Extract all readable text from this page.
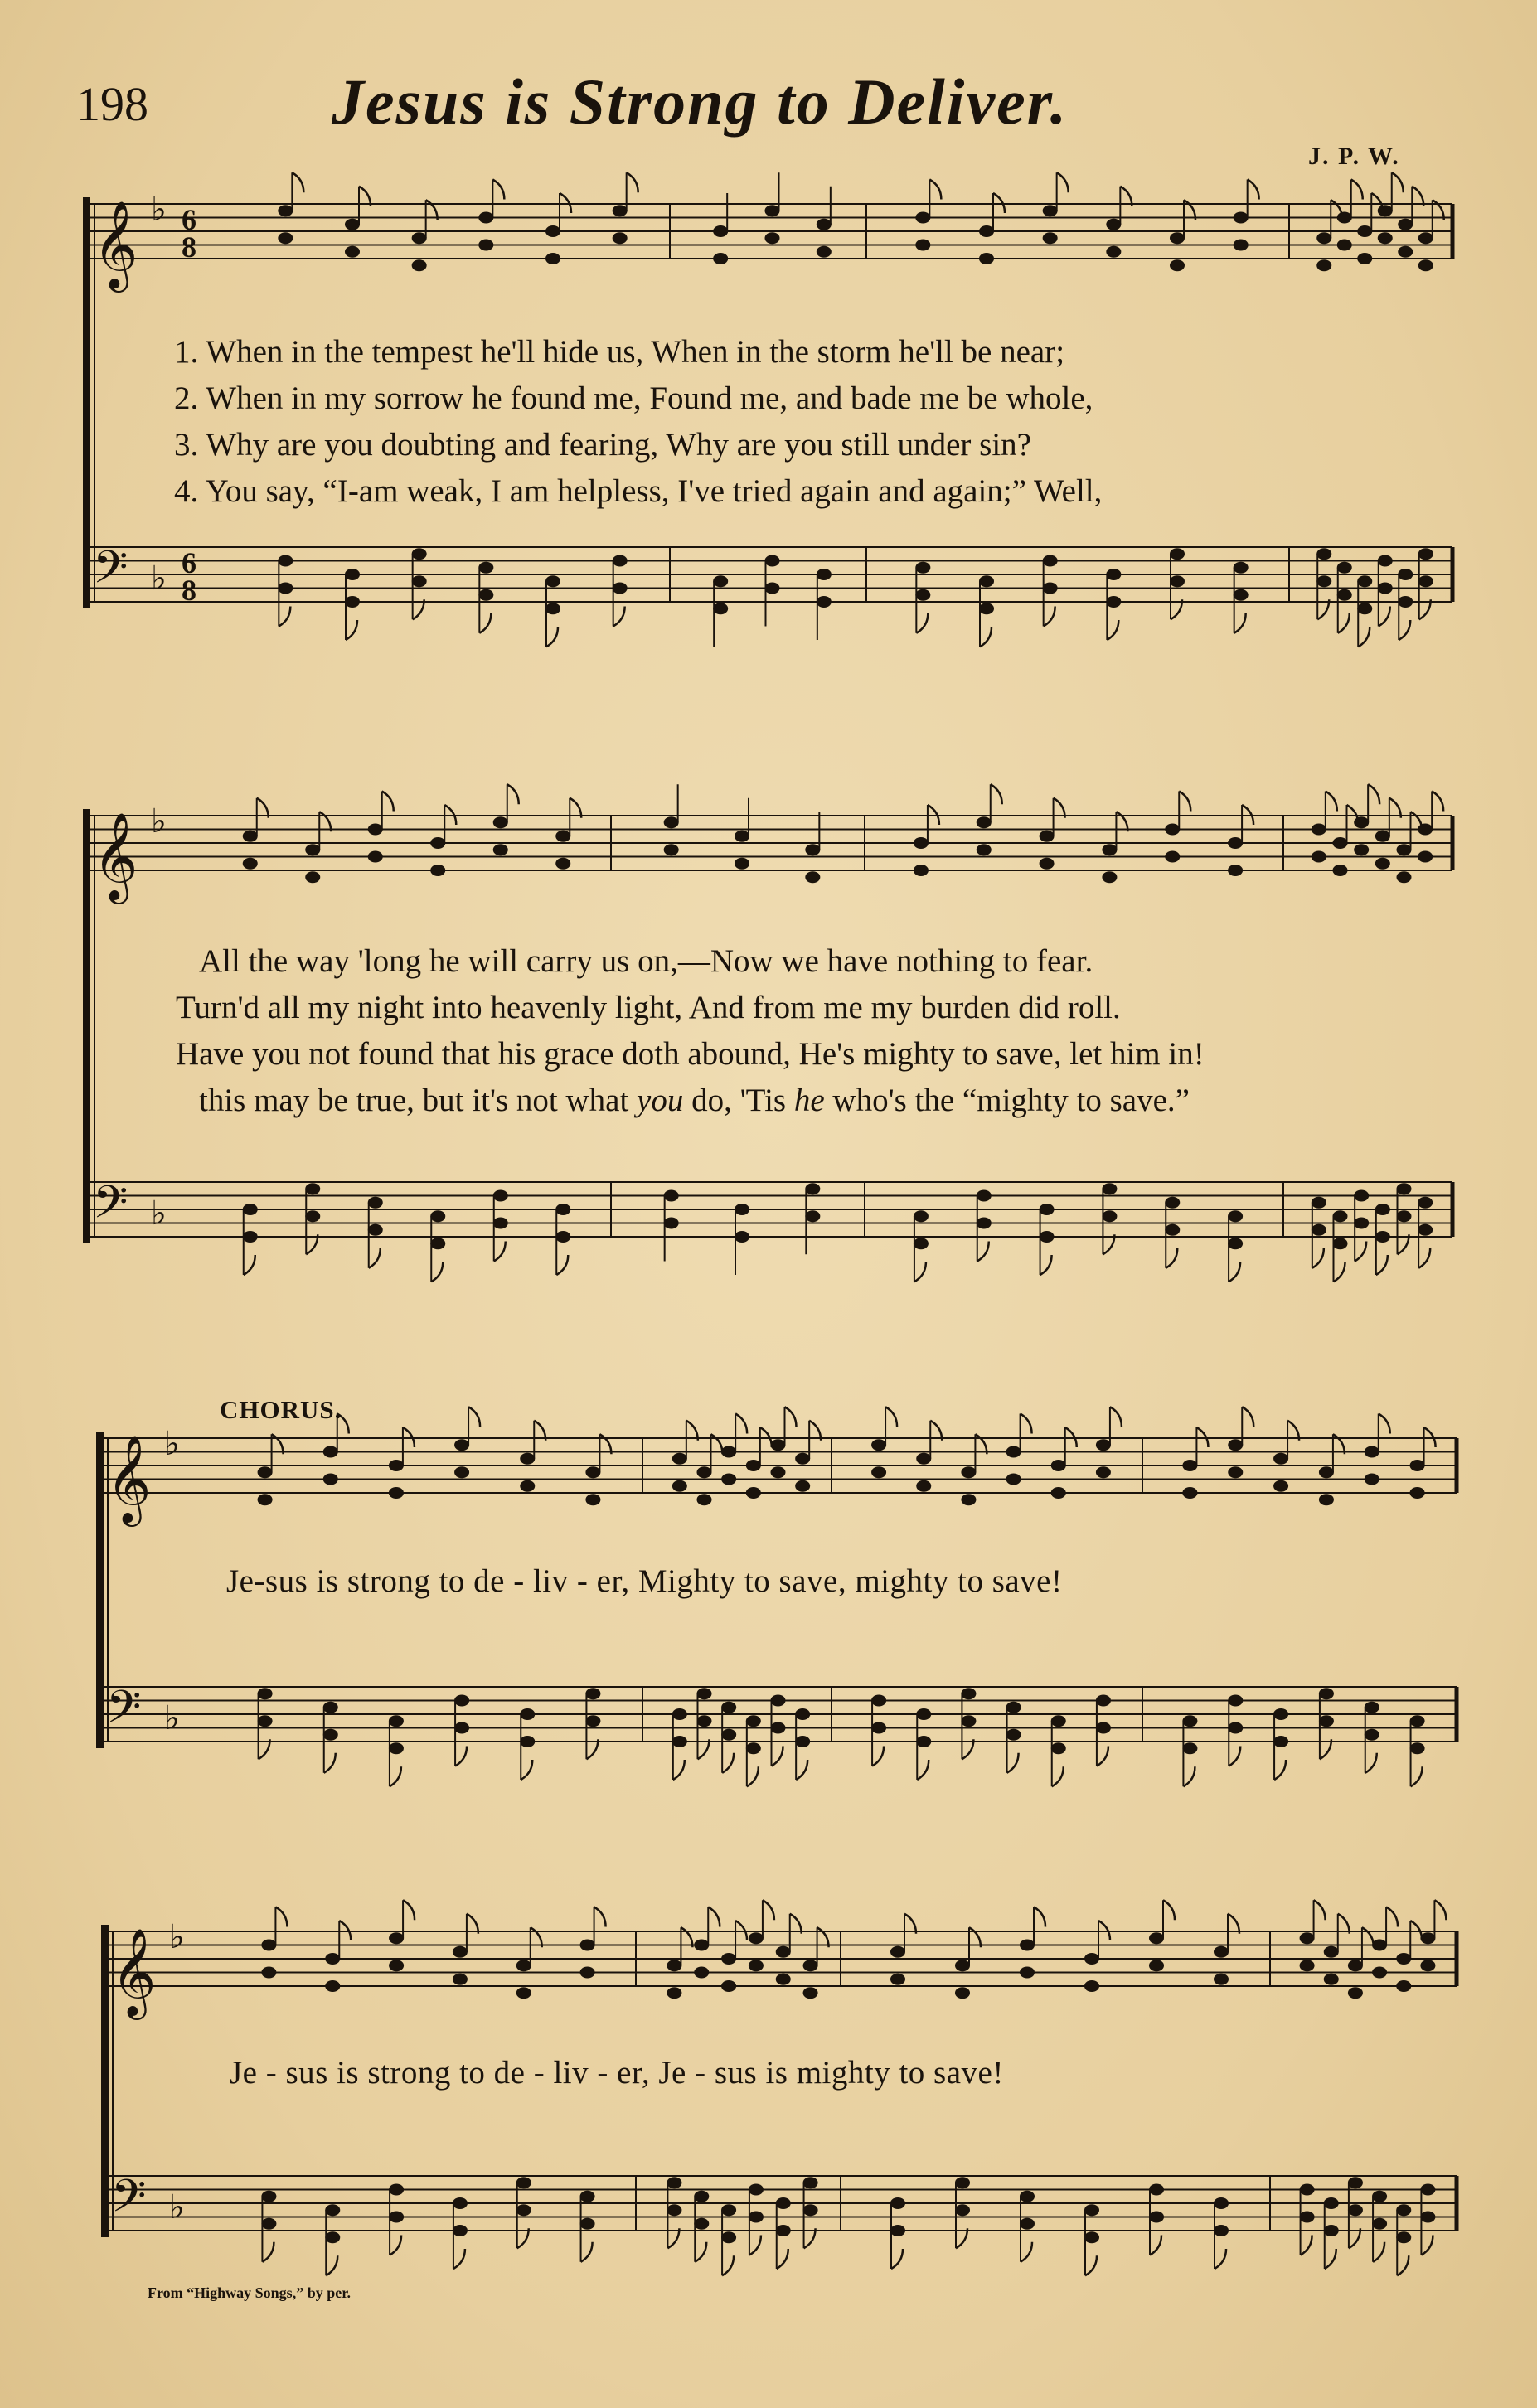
198	Jesus is Strong to Deliver.
J. P. W.
𝄞 ♭ 6
8
𝄢 ♭ 6
8
𝄞 ♭
𝄢 ♭
𝄞 ♭
𝄢 ♭
𝄞 ♭
𝄢 ♭
1. When in the tempest he'll hide us, When in the storm he'll be near;
2. When in my sorrow he found me, Found me, and bade me be whole,
3. Why are you doubting and fearing, Why are you still under sin?
4. You say, “I-am weak, I am helpless, I've tried again and again;” Well,
All the way 'long he will carry us on,—Now we have nothing to fear.
Turn'd all my night into heavenly light, And from me my burden did roll.
Have you not found that his grace doth abound, He's mighty to save, let him in!
this may be true, but it's not what you do, 'Tis he who's the “mighty to save.”
CHORUS.
Je-sus is strong to de - liv - er, Mighty to save, mighty to save!
Je - sus is strong to de - liv - er, Je - sus is mighty to save!
From “Highway Songs,” by per.
